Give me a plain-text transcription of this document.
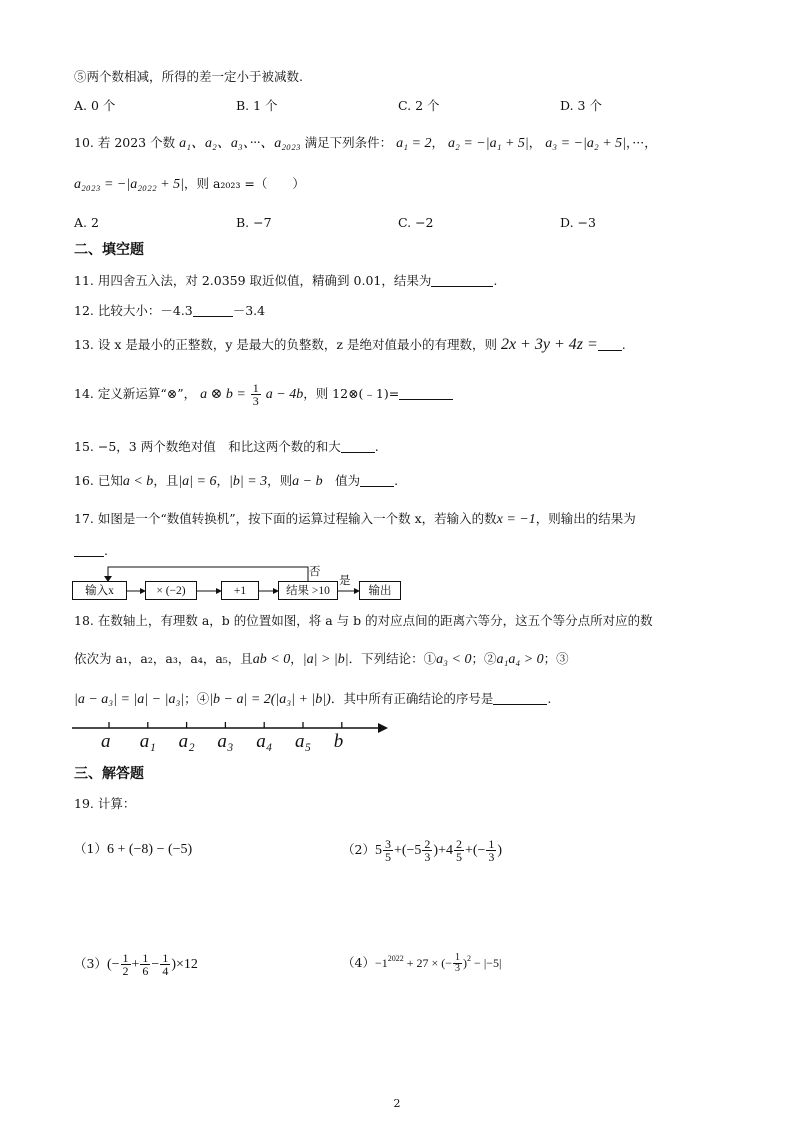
⑤两个数相减，所得的差一定小于被减数.
A. 0 个	B. 1 个	C. 2 个	D. 3 个
10. 若 2023 个数 a₁、a₂、a₃、···、a₂₀₂₃ 满足下列条件： a₁ = 2， a₂ = −|a₁ + 5|， a₃ = −|a₂ + 5|，···，
a₂₀₂₃ = −|a₂₀₂₂ + 5|，则 a₂₀₂₃ =（　　）
A. 2	B. −7	C. −2	D. −3
二、填空题
11. 用四舍五入法，对 2.0359 取近似值，精确到 0.01，结果为	.
12. 比较大小：－4.3	－3.4
13. 设 x 是最小的正整数，y 是最大的负整数，z 是绝对值最小的有理数，则 2x + 3y + 4z = .
14. 定义新运算“⊗”， a ⊗ $b = \frac{1}{3}$ a − 4b，则 12⊗(﹣1)=
15. −5，3 两个数绝对值　和比这两个数的和大	.
16. 已知a < b，且|a| = 6，|b| = 3，则a − b　值为	.
17. 如图是一个“数值转换机”，按下面的运算过程输入一个数 x，若输入的数x = −1，则输出的结果为
.
输入x	× (−2)	+1	结果 >10	输出
否
是
18. 在数轴上，有理数 a，b 的位置如图，将 a 与 b 的对应点间的距离六等分，这五个等分点所对应的数
依次为 a₁，a₂，a₃，a₄，a₅，且ab < 0，|a| > |b|．下列结论：①a₃ < 0；②a₁a₄ > 0；③
|a − a₃| = |a| − |a₃|；④|b − a| = 2(|a₃| + |b|)．其中所有正确结论的序号是	.
a a₁ a₂ a₃ a₄ a₅ b
三、解答题
19. 计算：
（1）6 + (−8) − (−5)	$(2)5 \frac{3}{5} +(-5 \frac{2}{3} )+4 \frac{2}{5}$ +(− $\frac{1}{3}$ )
$(3)(- \frac{1}{2} + \frac{1}{6} - \frac{1}{4} )\times 12$	$(4)-1^{2022} + 27$ × (− $\frac{1}{3} )^2 - |-5|$
2
